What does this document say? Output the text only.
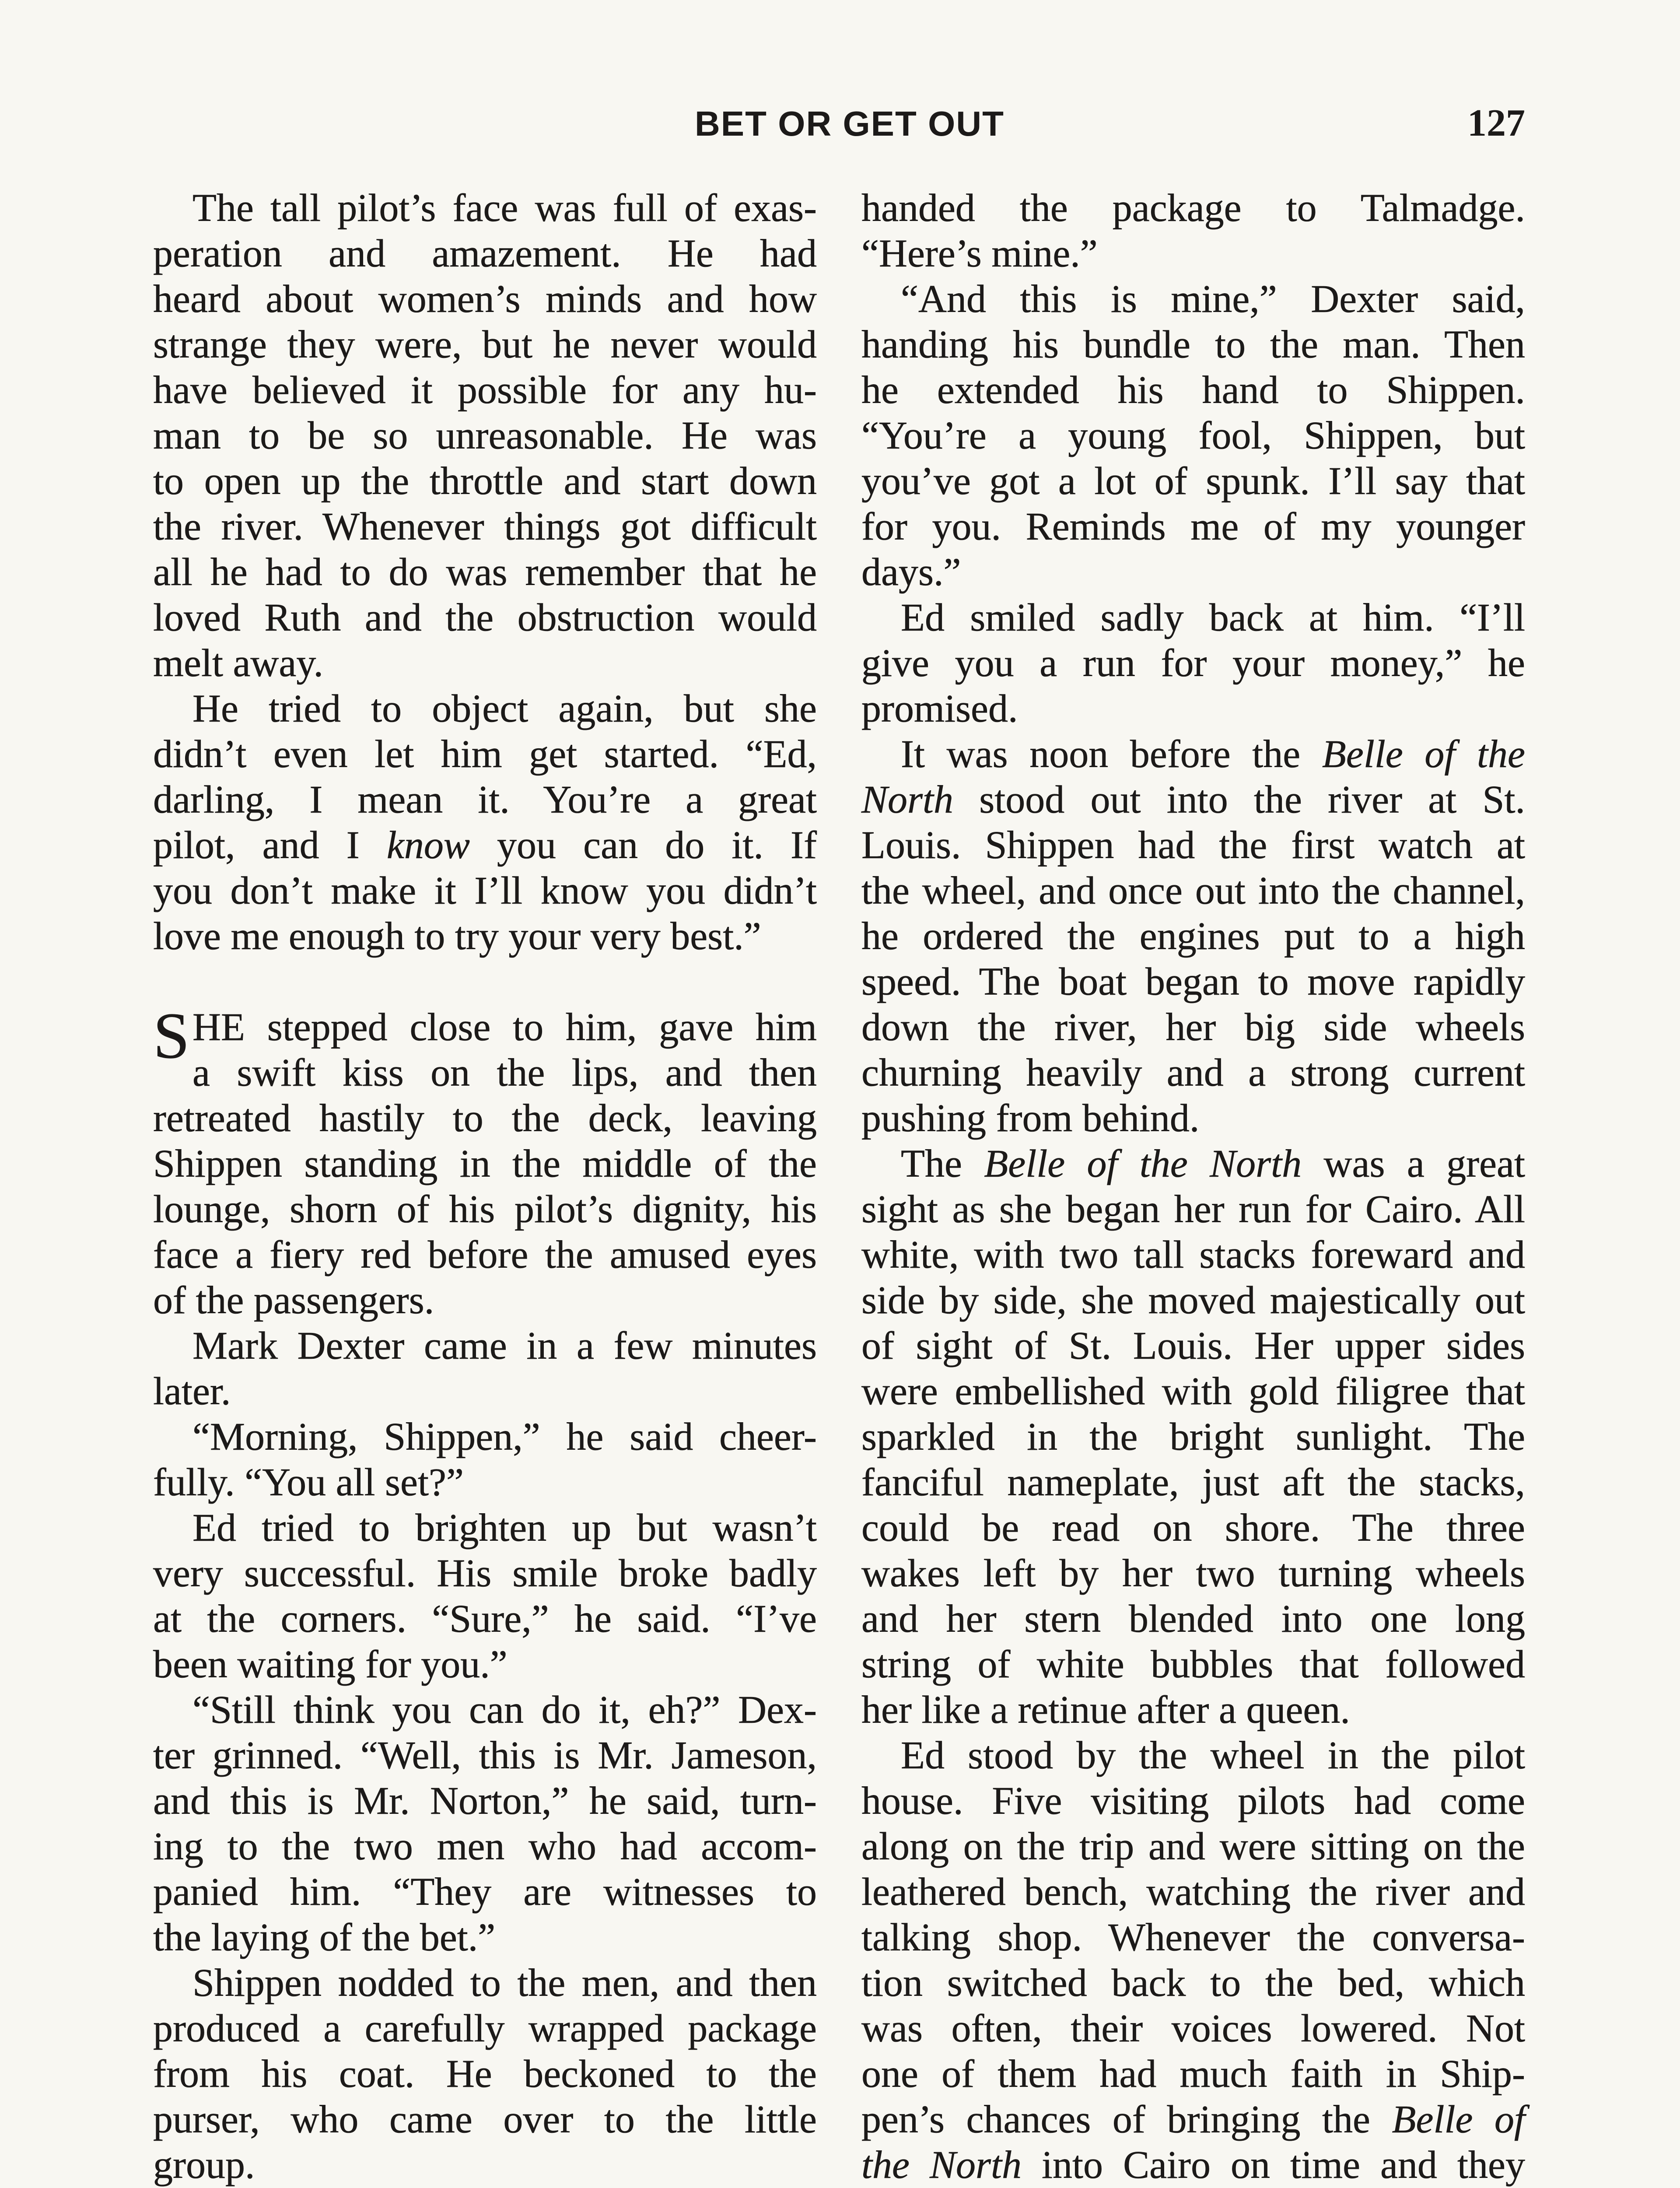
BET OR GET OUT	127
The tall pilot’s face was full of exas-
peration and amazement. He had
heard about women’s minds and how
strange they were, but he never would
have believed it possible for any hu-
man to be so unreasonable. He was
to open up the throttle and start down
the river. Whenever things got difficult
all he had to do was remember that he
loved Ruth and the obstruction would
melt away.
He tried to object again, but she
didn’t even let him get started. “Ed,
darling, I mean it. You’re a great
pilot, and I know you can do it. If
you don’t make it I’ll know you didn’t
love me enough to try your very best.”
S HE stepped close to him, gave him
a swift kiss on the lips, and then
retreated hastily to the deck, leaving
Shippen standing in the middle of the
lounge, shorn of his pilot’s dignity, his
face a fiery red before the amused eyes
of the passengers.
Mark Dexter came in a few minutes
later.
“Morning, Shippen,” he said cheer-
fully. “You all set?”
Ed tried to brighten up but wasn’t
very successful. His smile broke badly
at the corners. “Sure,” he said. “I’ve
been waiting for you.”
“Still think you can do it, eh?” Dex-
ter grinned. “Well, this is Mr. Jameson,
and this is Mr. Norton,” he said, turn-
ing to the two men who had accom-
panied him. “They are witnesses to
the laying of the bet.”
Shippen nodded to the men, and then
produced a carefully wrapped package
from his coat. He beckoned to the
purser, who came over to the little
group.
handed the package to Talmadge.
“Here’s mine.”
“And this is mine,” Dexter said,
handing his bundle to the man. Then
he extended his hand to Shippen.
“You’re a young fool, Shippen, but
you’ve got a lot of spunk. I’ll say that
for you. Reminds me of my younger
days.”
Ed smiled sadly back at him. “I’ll
give you a run for your money,” he
promised.
It was noon before the Belle of the
North stood out into the river at St.
Louis. Shippen had the first watch at
the wheel, and once out into the channel,
he ordered the engines put to a high
speed. The boat began to move rapidly
down the river, her big side wheels
churning heavily and a strong current
pushing from behind.
The Belle of the North was a great
sight as she began her run for Cairo. All
white, with two tall stacks foreward and
side by side, she moved majestically out
of sight of St. Louis. Her upper sides
were embellished with gold filigree that
sparkled in the bright sunlight. The
fanciful nameplate, just aft the stacks,
could be read on shore. The three
wakes left by her two turning wheels
and her stern blended into one long
string of white bubbles that followed
her like a retinue after a queen.
Ed stood by the wheel in the pilot
house. Five visiting pilots had come
along on the trip and were sitting on the
leathered bench, watching the river and
talking shop. Whenever the conversa-
tion switched back to the bed, which
was often, their voices lowered. Not
one of them had much faith in Ship-
pen’s chances of bringing the Belle of
the North into Cairo on time and they
